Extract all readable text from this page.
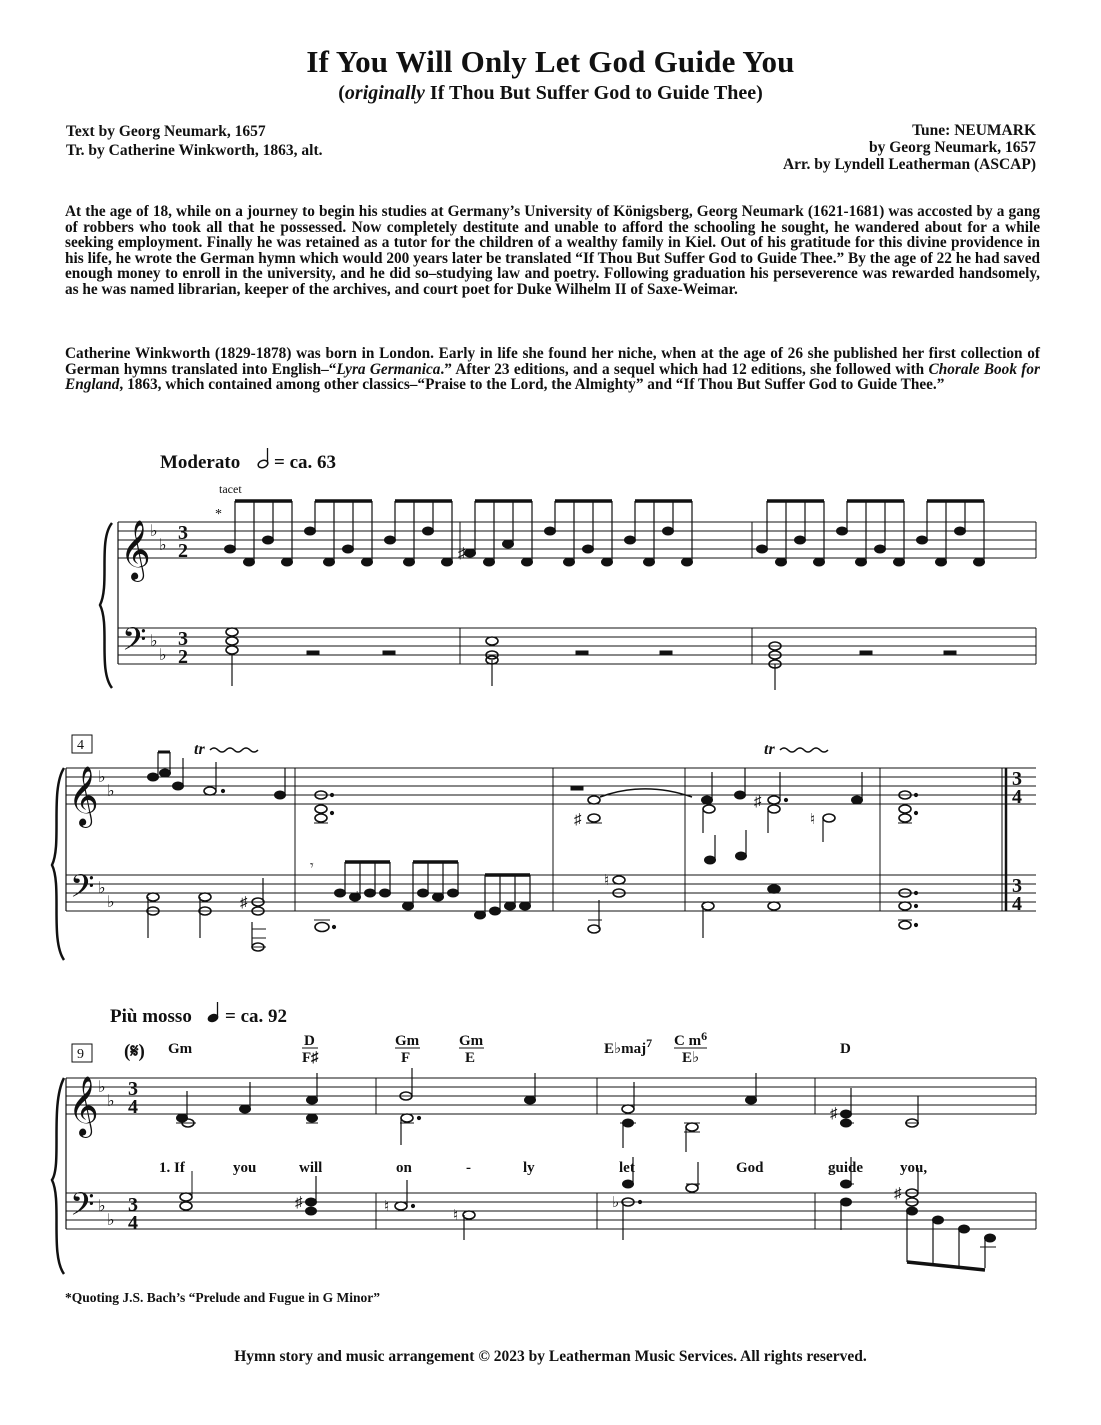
If You Will Only Let God Guide You
(originally If Thou But Suffer God to Guide Thee)
Text by Georg Neumark, 1657
Tr. by Catherine Winkworth, 1863, alt.
Tune: NEUMARK
by Georg Neumark, 1657
Arr. by Lyndell Leatherman (ASCAP)

At the age of 18, while on a journey to begin his studies at Germany’s University of Königsberg, Georg Neumark (1621-1681) was accosted by a gang of robbers who took all that he possessed. Now completely destitute and unable to afford the schooling he sought, he wandered about for a while seeking employment. Finally he was retained as a tutor for the children of a wealthy family in Kiel. Out of his gratitude for this divine providence in his life, he wrote the German hymn which would 200 years later be translated “If Thou But Suffer God to Guide Thee.” By the age of 22 he had saved enough money to enroll in the university, and he did so–studying law and poetry. Following graduation his perseverence was rewarded handsomely, as he was named librarian, keeper of the archives, and court poet for Duke Wilhelm II of Saxe-Weimar.

Catherine Winkworth (1829-1878) was born in London. Early in life she found her niche, when at the age of 26 she published her first collection of German hymns translated into English–“Lyra Germanica.” After 23 editions, and a sequel which had 12 editions, she followed with Chorale Book for England, 1863, which contained among other classics–“Praise to the Lord, the Almighty” and “If Thou But Suffer God to Guide Thee.”

Moderato = ca. 63
tacet
*
𝄞
𝄢
♭
♭
♭
♭
3
2
3
2
♯
4
𝄞
𝄢
♭
♭
♭
♭
tr
♯
♯
tr
♮
3
4
3
4
♯
𝄾
♯
♮
Più mosso = ca. 92
9 (𝄋) Gm	D
F♯
Gm
F
Gm
E
E♭maj$^7$ C $m^6$
E♭
D
𝄞
𝄢
♭
♭
♭
♭
3
4
3
4
♯
1. If	you	will	on	-	ly	let	God	guide you,
♯	♮
♮
♭
♯
*Quoting J.S. Bach’s “Prelude and Fugue in G Minor”
Hymn story and music arrangement © 2023 by Leatherman Music Services. All rights reserved.
